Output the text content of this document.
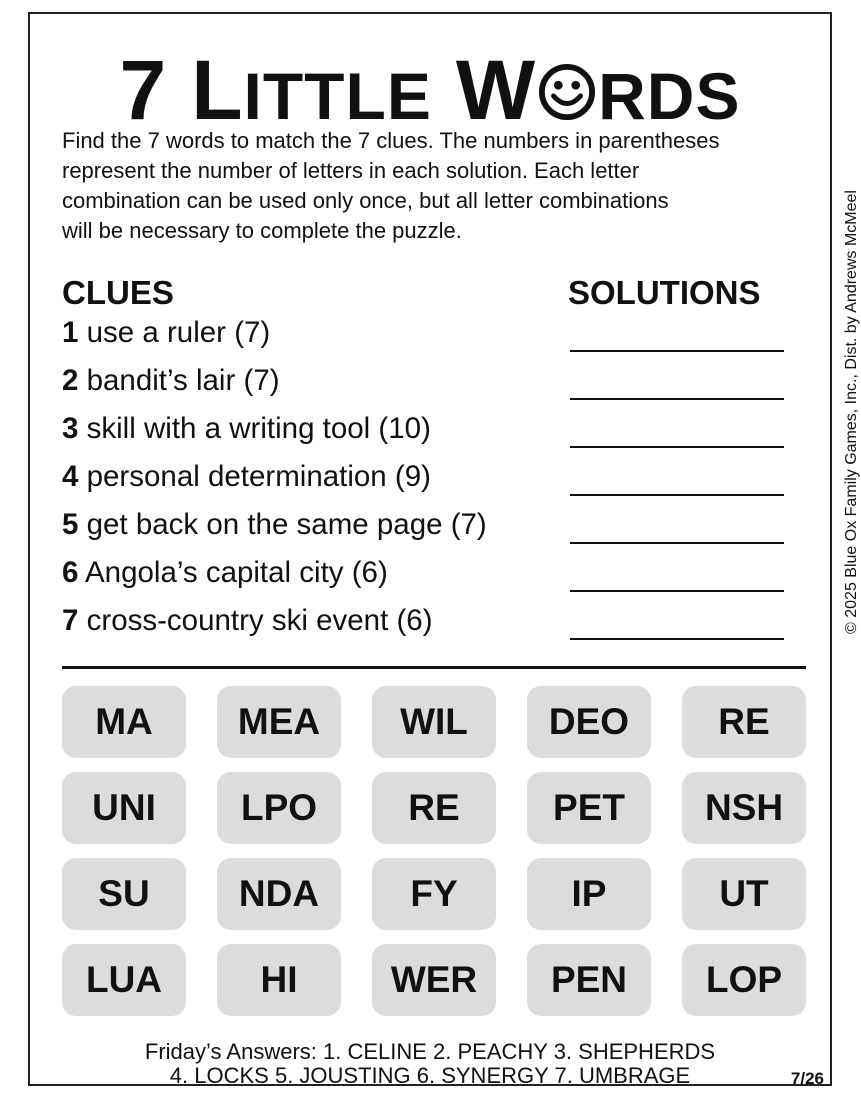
7 LITTLE W RDS
Find the 7 words to match the 7 clues. The numbers in parentheses
represent the number of letters in each solution. Each letter
combination can be used only once, but all letter combinations
will be necessary to complete the puzzle.
CLUES	SOLUTIONS
1 use a ruler (7)
2 bandit’s lair (7)
3 skill with a writing tool (10)
4 personal determination (9)
5 get back on the same page (7)
6 Angola’s capital city (6)
7 cross-country ski event (6)
MA	MEA	WIL	DEO	RE
UNI	LPO	RE	PET	NSH
SU	NDA	FY	IP	UT
LUA	HI	WER	PEN	LOP
Friday’s Answers: 1. CELINE 2. PEACHY 3. SHEPHERDS
4. LOCKS 5. JOUSTING 6. SYNERGY 7. UMBRAGE	7/26
© 2025 Blue Ox Family Games, Inc., Dist. by Andrews McMeel
